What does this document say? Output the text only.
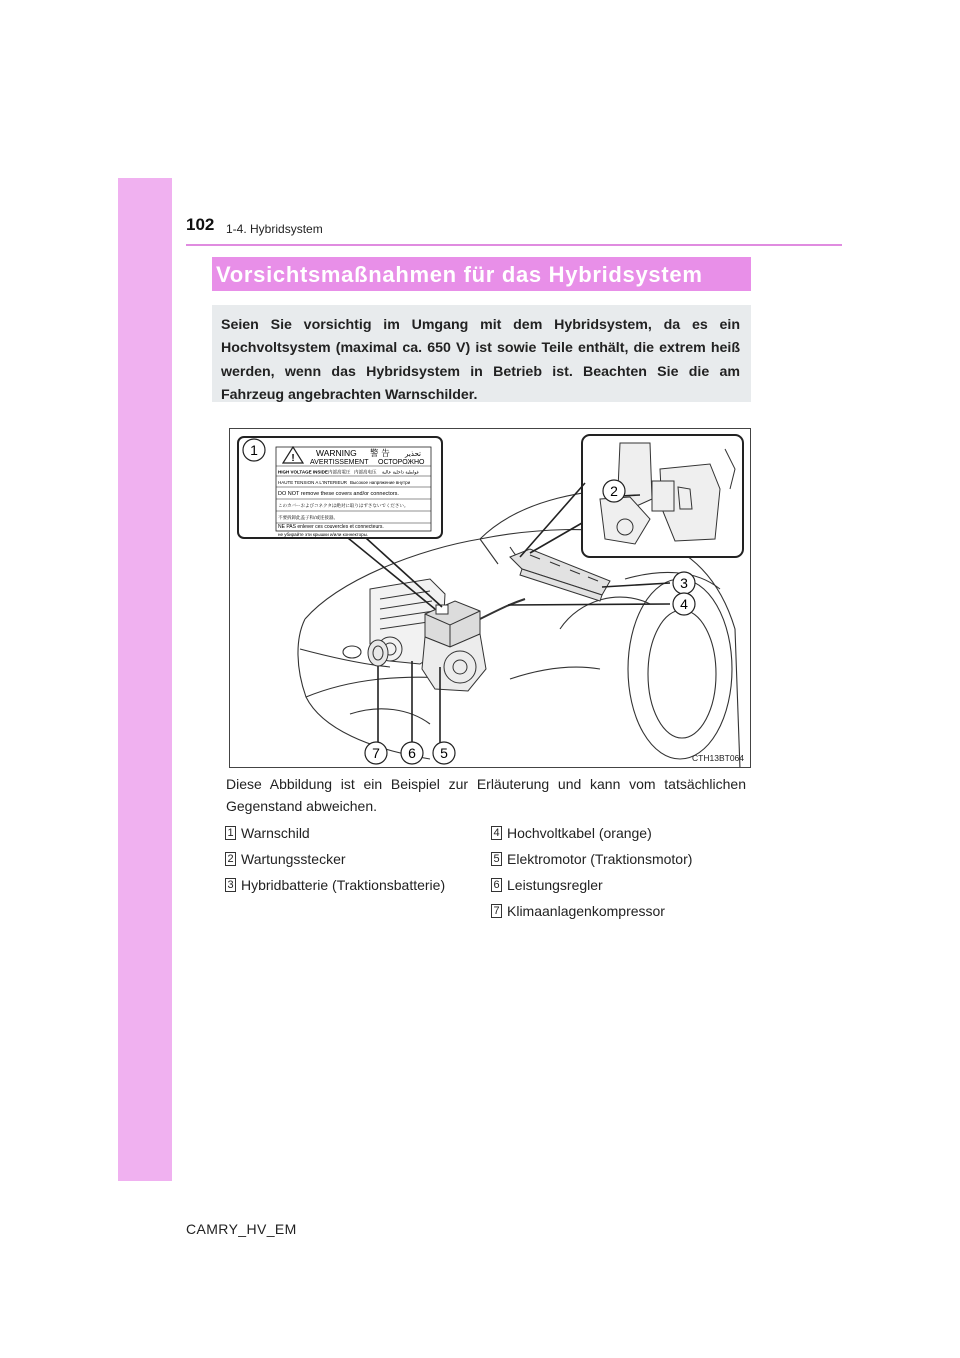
102 1-4. Hybridsystem
Vorsichtsmaßnahmen für das Hybridsystem

Seien Sie vorsichtig im Umgang mit dem Hybridsystem, da es ein Hochvoltsystem (maximal ca. 650 V) ist sowie Teile enthält, die extrem heiß werden, wenn das Hybridsystem in Betrieb ist. Beachten Sie die am Fahrzeug angebrachten Warnschilder.

!	WARNING 警 告 تحذير
AVERTISSEMENT ОСТОРОЖНО
HIGH VOLTAGE INSIDE 内部高電圧 内部高电压 فولطية داخلية عالية
HAUTE TENSION A L'INTERIEUR Высокое напряжение внутри
DO NOT remove these covers and/or connectors.
このカバーおよびコネクタは絶対に取りはずさないでください。
不要拆卸此盖子和/或连接器。
NE PAS enlever ces couvercles et connecteurs.
не убирайте эти крышки и/или коннекторы.
1
2
3
4
5
6
7	CTH13BT064
Diese Abbildung ist ein Beispiel zur Erläuterung und kann vom tatsächlichen Gegenstand abweichen.
1 Warnschild
2 Wartungsstecker
3 Hybridbatterie (Traktionsbatterie)
4 Hochvoltkabel (orange)
5 Elektromotor (Traktionsmotor)
6 Leistungsregler
7 Klimaanlagenkompressor
CAMRY_HV_EM
